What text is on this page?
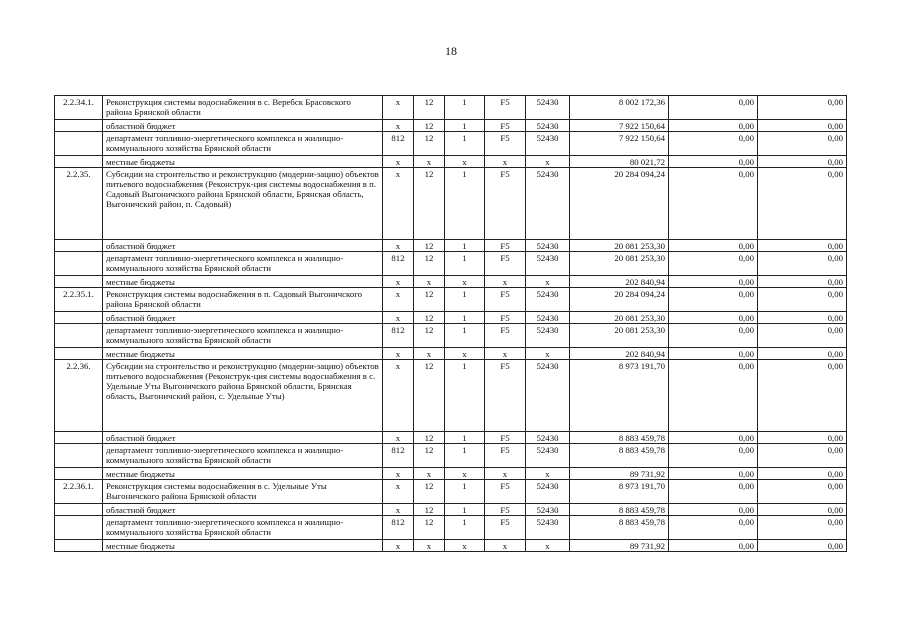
18
2.2.34.1.	Реконструкция системы водоснабжения в с. Веребск Брасовского района Брянской области	х	12	1	F5	52430	8 002 172,36	0,00	0,00
	областной бюджет	х	12	1	F5	52430	7 922 150,64	0,00	0,00
	департамент топливно-энергетического комплекса и жилищно-коммунального хозяйства Брянской области	812	12	1	F5	52430	7 922 150,64	0,00	0,00
	местные бюджеты	х	х	х	х	х	80 021,72	0,00	0,00
2.2.35.	Субсидии на строительство и реконструкцию (модерни-зацию) объектов питьевого водоснабжения (Реконструк-ция системы водоснабжения в п. Садовый Выгоничского района Брянской области, Брянская область, Выгоничский район, п. Садовый)	х	12	1	F5	52430	20 284 094,24	0,00	0,00
	областной бюджет	х	12	1	F5	52430	20 081 253,30	0,00	0,00
	департамент топливно-энергетического комплекса и жилищно-коммунального хозяйства Брянской области	812	12	1	F5	52430	20 081 253,30	0,00	0,00
	местные бюджеты	х	х	х	х	х	202 840,94	0,00	0,00
2.2.35.1.	Реконструкция системы водоснабжения в п. Садовый Выгоничского района Брянской области	х	12	1	F5	52430	20 284 094,24	0,00	0,00
	областной бюджет	х	12	1	F5	52430	20 081 253,30	0,00	0,00
	департамент топливно-энергетического комплекса и жилищно-коммунального хозяйства Брянской области	812	12	1	F5	52430	20 081 253,30	0,00	0,00
	местные бюджеты	х	х	х	х	х	202 840,94	0,00	0,00
2.2.36.	Субсидии на строительство и реконструкцию (модерни-зацию) объектов питьевого водоснабжения (Реконструк-ция системы водоснабжения в с. Удельные Уты Выгоничского района Брянской области, Брянская область, Выгоничский район, с. Удельные Уты)	х	12	1	F5	52430	8 973 191,70	0,00	0,00
	областной бюджет	х	12	1	F5	52430	8 883 459,78	0,00	0,00
	департамент топливно-энергетического комплекса и жилищно-коммунального хозяйства Брянской области	812	12	1	F5	52430	8 883 459,78	0,00	0,00
	местные бюджеты	х	х	х	х	х	89 731,92	0,00	0,00
2.2.36.1.	Реконструкция системы водоснабжения в с. Удельные Уты Выгоничского района Брянской области	х	12	1	F5	52430	8 973 191,70	0,00	0,00
	областной бюджет	х	12	1	F5	52430	8 883 459,78	0,00	0,00
	департамент топливно-энергетического комплекса и жилищно-коммунального хозяйства Брянской области	812	12	1	F5	52430	8 883 459,78	0,00	0,00
	местные бюджеты	х	х	х	х	х	89 731,92	0,00	0,00
